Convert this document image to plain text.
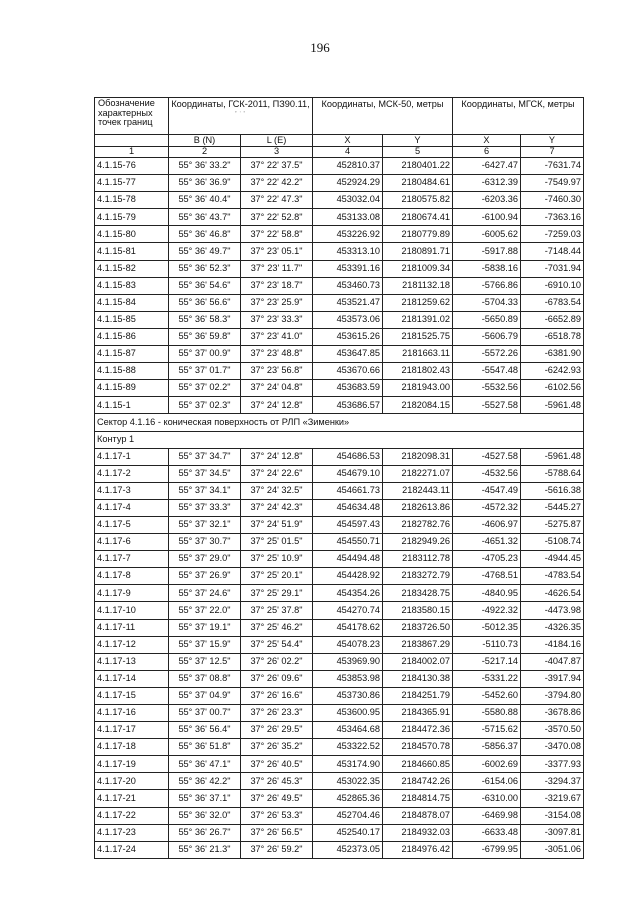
196
Обозначение характерных точек границ	Координаты, ГСК-2011, ПЗ90.11,
° ' "		Координаты, МСК-50, метры		Координаты, МГСК, метры	
	B (N)	L (E)	X	Y	X	Y
1	2	3	4	5	6	7
4.1.15-76	55° 36' 33.2"	37° 22' 37.5"	452810.37	2180401.22	-6427.47	-7631.74
4.1.15-77	55° 36' 36.9"	37° 22' 42.2"	452924.29	2180484.61	-6312.39	-7549.97
4.1.15-78	55° 36' 40.4"	37° 22' 47.3"	453032.04	2180575.82	-6203.36	-7460.30
4.1.15-79	55° 36' 43.7"	37° 22' 52.8"	453133.08	2180674.41	-6100.94	-7363.16
4.1.15-80	55° 36' 46.8"	37° 22' 58.8"	453226.92	2180779.89	-6005.62	-7259.03
4.1.15-81	55° 36' 49.7"	37° 23' 05.1"	453313.10	2180891.71	-5917.88	-7148.44
4.1.15-82	55° 36' 52.3"	37° 23' 11.7"	453391.16	2181009.34	-5838.16	-7031.94
4.1.15-83	55° 36' 54.6"	37° 23' 18.7"	453460.73	2181132.18	-5766.86	-6910.10
4.1.15-84	55° 36' 56.6"	37° 23' 25.9"	453521.47	2181259.62	-5704.33	-6783.54
4.1.15-85	55° 36' 58.3"	37° 23' 33.3"	453573.06	2181391.02	-5650.89	-6652.89
4.1.15-86	55° 36' 59.8"	37° 23' 41.0"	453615.26	2181525.75	-5606.79	-6518.78
4.1.15-87	55° 37' 00.9"	37° 23' 48.8"	453647.85	2181663.11	-5572.26	-6381.90
4.1.15-88	55° 37' 01.7"	37° 23' 56.8"	453670.66	2181802.43	-5547.48	-6242.93
4.1.15-89	55° 37' 02.2"	37° 24' 04.8"	453683.59	2181943.00	-5532.56	-6102.56
4.1.15-1	55° 37' 02.3"	37° 24' 12.8"	453686.57	2182084.15	-5527.58	-5961.48
Сектор 4.1.16 - коническая поверхность от РЛП «Зименки»						
Контур 1						
4.1.17-1	55° 37' 34.7"	37° 24' 12.8"	454686.53	2182098.31	-4527.58	-5961.48
4.1.17-2	55° 37' 34.5"	37° 24' 22.6"	454679.10	2182271.07	-4532.56	-5788.64
4.1.17-3	55° 37' 34.1"	37° 24' 32.5"	454661.73	2182443.11	-4547.49	-5616.38
4.1.17-4	55° 37' 33.3"	37° 24' 42.3"	454634.48	2182613.86	-4572.32	-5445.27
4.1.17-5	55° 37' 32.1"	37° 24' 51.9"	454597.43	2182782.76	-4606.97	-5275.87
4.1.17-6	55° 37' 30.7"	37° 25' 01.5"	454550.71	2182949.26	-4651.32	-5108.74
4.1.17-7	55° 37' 29.0"	37° 25' 10.9"	454494.48	2183112.78	-4705.23	-4944.45
4.1.17-8	55° 37' 26.9"	37° 25' 20.1"	454428.92	2183272.79	-4768.51	-4783.54
4.1.17-9	55° 37' 24.6"	37° 25' 29.1"	454354.26	2183428.75	-4840.95	-4626.54
4.1.17-10	55° 37' 22.0"	37° 25' 37.8"	454270.74	2183580.15	-4922.32	-4473.98
4.1.17-11	55° 37' 19.1"	37° 25' 46.2"	454178.62	2183726.50	-5012.35	-4326.35
4.1.17-12	55° 37' 15.9"	37° 25' 54.4"	454078.23	2183867.29	-5110.73	-4184.16
4.1.17-13	55° 37' 12.5"	37° 26' 02.2"	453969.90	2184002.07	-5217.14	-4047.87
4.1.17-14	55° 37' 08.8"	37° 26' 09.6"	453853.98	2184130.38	-5331.22	-3917.94
4.1.17-15	55° 37' 04.9"	37° 26' 16.6"	453730.86	2184251.79	-5452.60	-3794.80
4.1.17-16	55° 37' 00.7"	37° 26' 23.3"	453600.95	2184365.91	-5580.88	-3678.86
4.1.17-17	55° 36' 56.4"	37° 26' 29.5"	453464.68	2184472.36	-5715.62	-3570.50
4.1.17-18	55° 36' 51.8"	37° 26' 35.2"	453322.52	2184570.78	-5856.37	-3470.08
4.1.17-19	55° 36' 47.1"	37° 26' 40.5"	453174.90	2184660.85	-6002.69	-3377.93
4.1.17-20	55° 36' 42.2"	37° 26' 45.3"	453022.35	2184742.26	-6154.06	-3294.37
4.1.17-21	55° 36' 37.1"	37° 26' 49.5"	452865.36	2184814.75	-6310.00	-3219.67
4.1.17-22	55° 36' 32.0"	37° 26' 53.3"	452704.46	2184878.07	-6469.98	-3154.08
4.1.17-23	55° 36' 26.7"	37° 26' 56.5"	452540.17	2184932.03	-6633.48	-3097.81
4.1.17-24	55° 36' 21.3"	37° 26' 59.2"	452373.05	2184976.42	-6799.95	-3051.06
